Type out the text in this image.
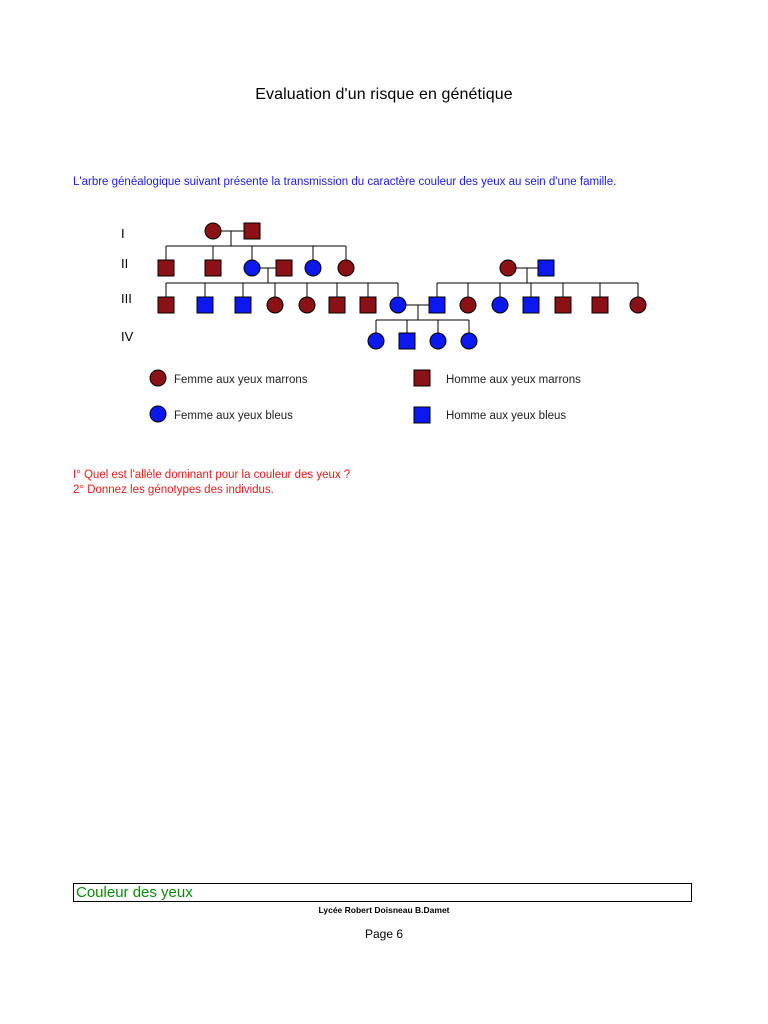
Evaluation d'un risque en génétique
L'arbre généalogique suivant présente la transmission du caractère couleur des yeux au sein d'une famille.
I
II
III
IV
Femme aux yeux marrons	Homme aux yeux marrons
Femme aux yeux bleus	Homme aux yeux bleus
I° Quel est l'allèle dominant pour la couleur des yeux ?
2° Donnez les génotypes des individus.
Couleur des yeux
Lycée Robert Doisneau B.Damet
Page 6
